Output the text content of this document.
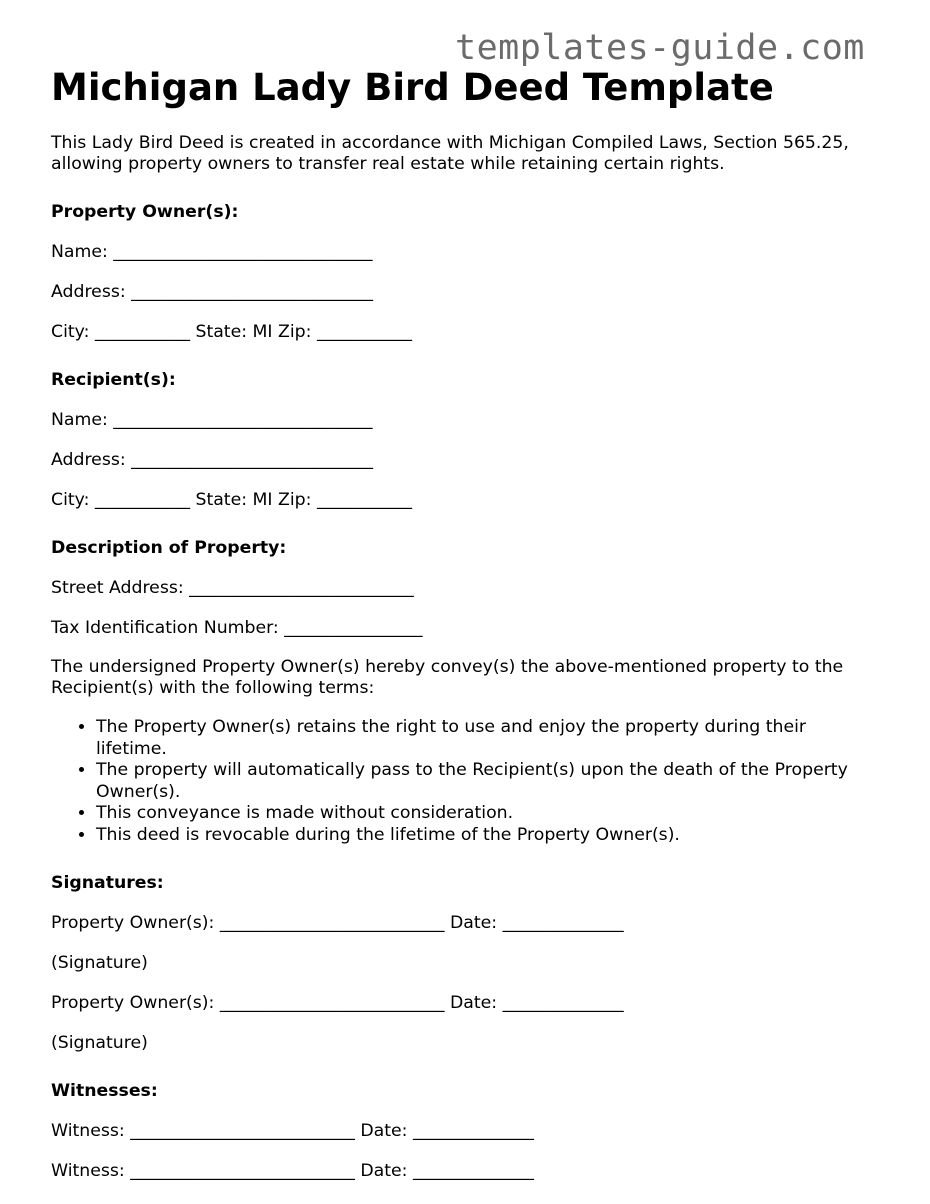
templates-guide.com
Michigan Lady Bird Deed Template

This Lady Bird Deed is created in accordance with Michigan Compiled Laws, Section 565.25, allowing property owners to transfer real estate while retaining certain rights.

Property Owner(s):

Name: ______________________________

Address: ____________________________

City: ___________ State: MI Zip: ___________

Recipient(s):

Name: ______________________________

Address: ____________________________

City: ___________ State: MI Zip: ___________

Description of Property:

Street Address: __________________________

Tax Identification Number: ________________

The undersigned Property Owner(s) hereby convey(s) the above-mentioned property to the Recipient(s) with the following terms:

• The Property Owner(s) retains the right to use and enjoy the property during their lifetime.
• The property will automatically pass to the Recipient(s) upon the death of the Property Owner(s).
• This conveyance is made without consideration.
• This deed is revocable during the lifetime of the Property Owner(s).

Signatures:

Property Owner(s): __________________________ Date: ______________

(Signature)

Property Owner(s): __________________________ Date: ______________

(Signature)

Witnesses:

Witness: __________________________ Date: ______________

Witness: __________________________ Date: ______________
